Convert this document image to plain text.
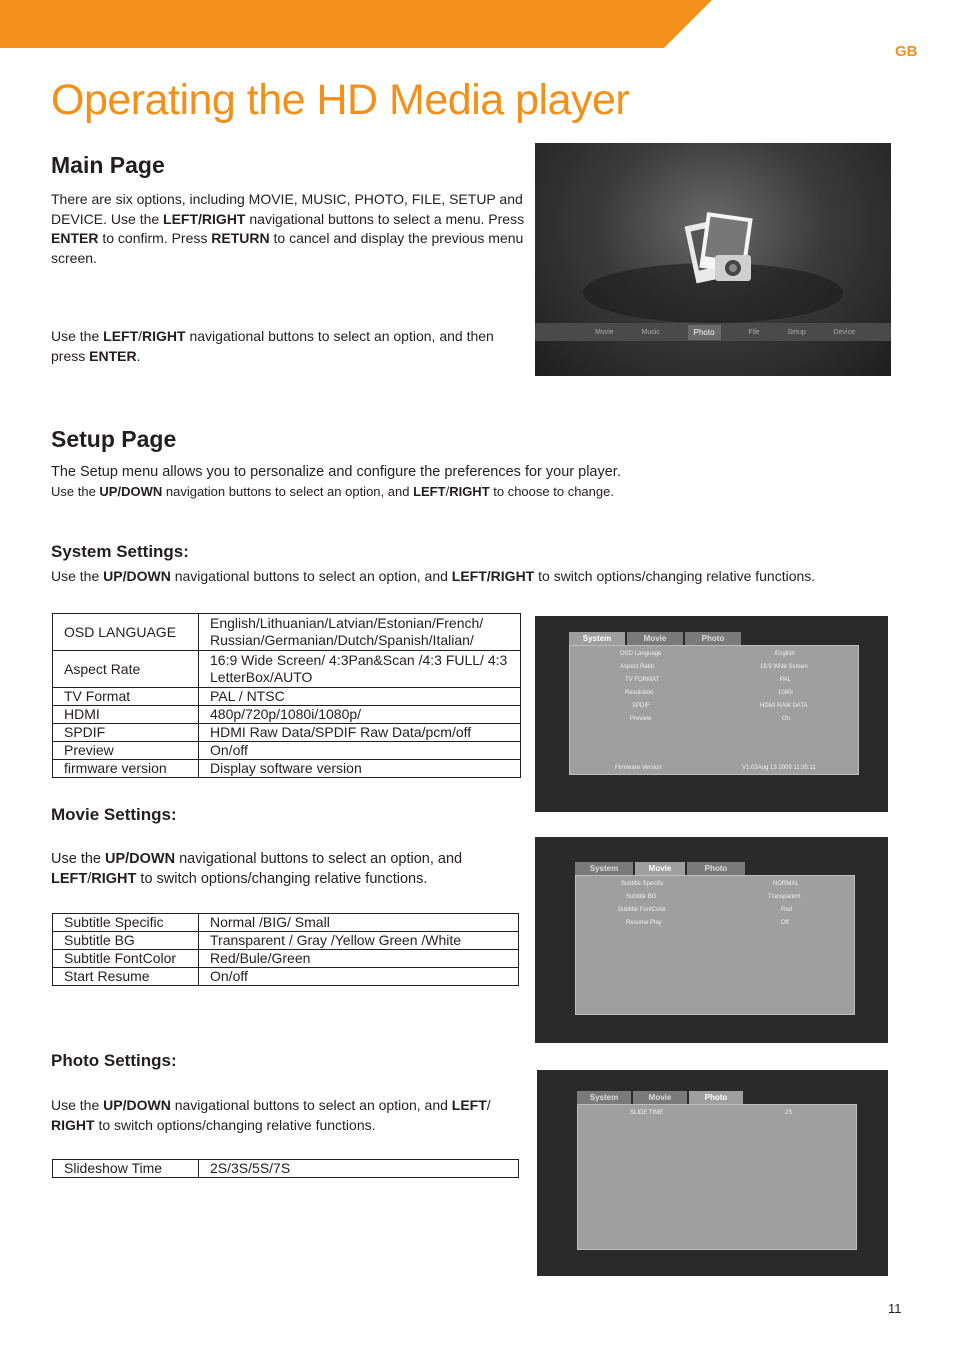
GB
Operating the HD Media player
Main Page

There are six options, including MOVIE, MUSIC, PHOTO, FILE, SETUP and DEVICE. Use the LEFT/RIGHT navigational buttons to select a menu. Press ENTER to confirm. Press RETURN to cancel and display the previous menu screen.

Use the LEFT/RIGHT navigational buttons to select an option, and then press ENTER.

Movie	Music	Photo	File	Setup	Device
Setup Page
The Setup menu allows you to personalize and configure the preferences for your player.
Use the UP/DOWN navigation buttons to select an option, and LEFT/RIGHT to choose to change.
System Settings:
Use the UP/DOWN navigational buttons to select an option, and LEFT/RIGHT to switch options/changing relative functions.
OSD LANGUAGE	English/Lithuanian/Latvian/Estonian/French/ Russian/Germanian/Dutch/Spanish/Italian/
Aspect Rate	16:9 Wide Screen/ 4:3Pan&Scan /4:3 FULL/ 4:3 LetterBox/AUTO
TV Format	PAL / NTSC
HDMI	480p/720p/1080i/1080p/
SPDIF	HDMI Raw Data/SPDIF Raw Data/pcm/off
Preview	On/off
firmware version	Display software version
System	Movie	Photo
OSD Language	English
Aspect Ratio	16:9 Wide Screen
TV FORMAT	PAL
Resolution	1080i
SPDIF	HDMI RAW DATA
Preview	On
Firmware Version	V1.03Aug 13 2009 11:35:11
Movie Settings:

Use the UP/DOWN navigational buttons to select an option, and LEFT/RIGHT to switch options/changing relative functions.

Subtitle Specific	Normal /BIG/ Small
Subtitle BG	Transparent / Gray /Yellow Green /White
Subtitle FontColor	Red/Bule/Green
Start Resume	On/off
System	Movie	Photo
Subtitle Specific	NORMAL
Subtitle BG	Transparent
Subtitle FontColor	Red
Resume Play	Off
Photo Settings:

Use the UP/DOWN navigational buttons to select an option, and LEFT/ RIGHT to switch options/changing relative functions.

Slideshow Time	2S/3S/5S/7S
System	Movie	Photo
SLIDE TIME	2S
11
